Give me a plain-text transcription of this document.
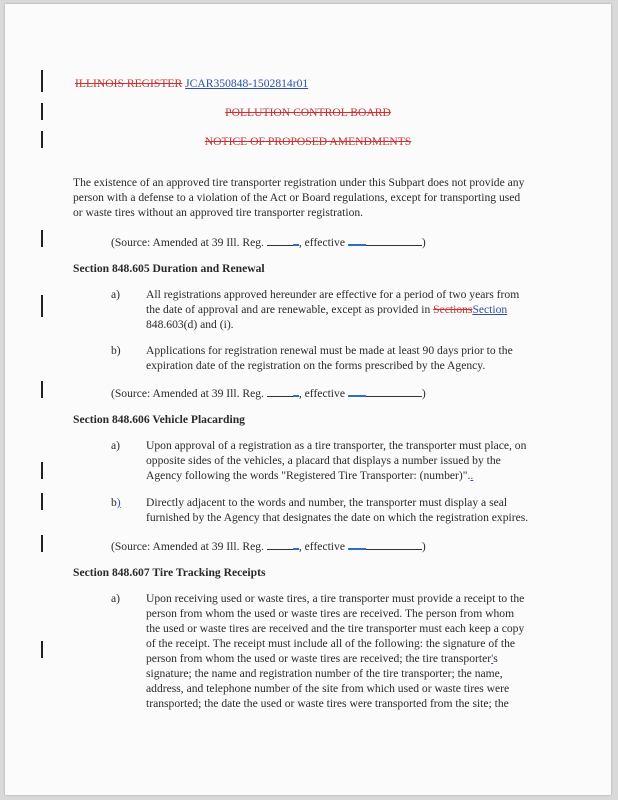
ILLINOIS REGISTER JCAR350848-1502814r01
POLLUTION CONTROL BOARD
NOTICE OF PROPOSED AMENDMENTS
The existence of an approved tire transporter registration under this Subpart does not provide any
person with a defense to a violation of the Act or Board regulations, except for transporting used
or waste tires without an approved tire transporter registration.
(Source: Amended at 39 Ill. Reg.	, effective	)
Section 848.605 Duration and Renewal
a) All registrations approved hereunder are effective for a period of two years from
the date of approval and are renewable, except as provided in SectionsSection
848.603(d) and (i).
b) Applications for registration renewal must be made at least 90 days prior to the
expiration date of the registration on the forms prescribed by the Agency.
(Source: Amended at 39 Ill. Reg.	, effective	)
Section 848.606 Vehicle Placarding
a) Upon approval of a registration as a tire transporter, the transporter must place, on
opposite sides of the vehicles, a placard that displays a number issued by the
Agency following the words "Registered Tire Transporter: (number)"..
b) Directly adjacent to the words and number, the transporter must display a seal
furnished by the Agency that designates the date on which the registration expires.
(Source: Amended at 39 Ill. Reg.	, effective	)
Section 848.607 Tire Tracking Receipts
a) Upon receiving used or waste tires, a tire transporter must provide a receipt to the
person from whom the used or waste tires are received. The person from whom
the used or waste tires are received and the tire transporter must each keep a copy
of the receipt. The receipt must include all of the following: the signature of the
person from whom the used or waste tires are received; the tire transporter's
signature; the name and registration number of the tire transporter; the name,
address, and telephone number of the site from which used or waste tires were
transported; the date the used or waste tires were transported from the site; the
